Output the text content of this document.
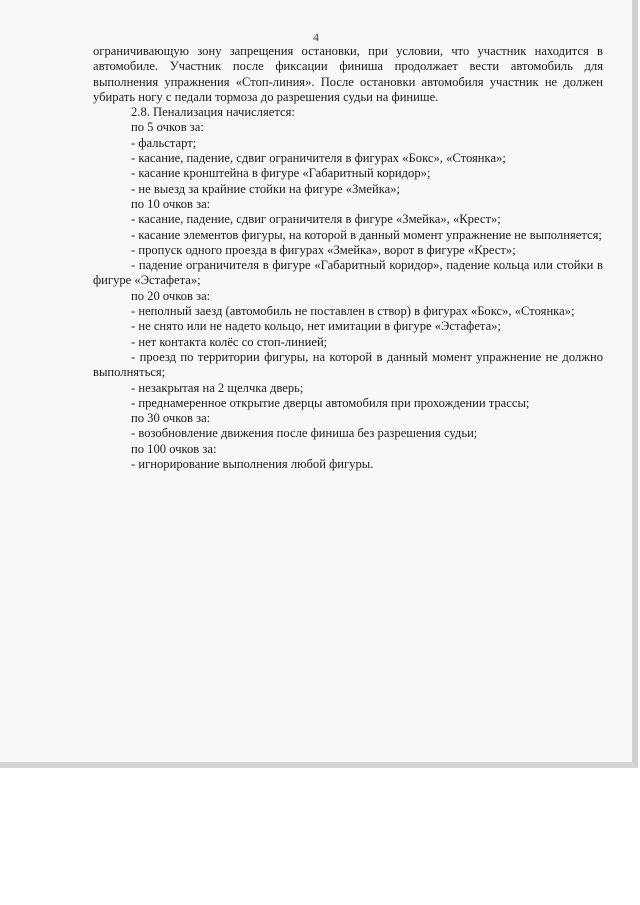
4

ограничивающую зону запрещения остановки, при условии, что участник находится в автомобиле. Участник после фиксации финиша продолжает вести автомобиль для выполнения упражнения «Стоп-линия». После остановки автомобиля участник не должен убирать ногу с педали тормоза до разрешения судьи на финише.

2.8. Пенализация начисляется:

по 5 очков за:

- фальстарт;

- касание, падение, сдвиг ограничителя в фигурах «Бокс», «Стоянка»;

- касание кронштейна в фигуре «Габаритный коридор»;

- не выезд за крайние стойки на фигуре «Змейка»;

по 10 очков за:

- касание, падение, сдвиг ограничителя в фигуре «Змейка», «Крест»;

- касание элементов фигуры, на которой в данный момент упражнение не выполняется;

- пропуск одного проезда в фигурах «Змейка», ворот в фигуре «Крест»;

- падение ограничителя в фигуре «Габаритный коридор», падение кольца или стойки в фигуре «Эстафета»;

по 20 очков за:

- неполный заезд (автомобиль не поставлен в створ) в фигурах «Бокс», «Стоянка»;

- не снято или не надето кольцо, нет имитации в фигуре «Эстафета»;

- нет контакта колёс со стоп-линией;

- проезд по территории фигуры, на которой в данный момент упражнение не должно выполняться;

- незакрытая на 2 щелчка дверь;

- преднамеренное открытие дверцы автомобиля при прохождении трассы;

по 30 очков за:

- возобновление движения после финиша без разрешения судьи;

по 100 очков за:

- игнорирование выполнения любой фигуры.
